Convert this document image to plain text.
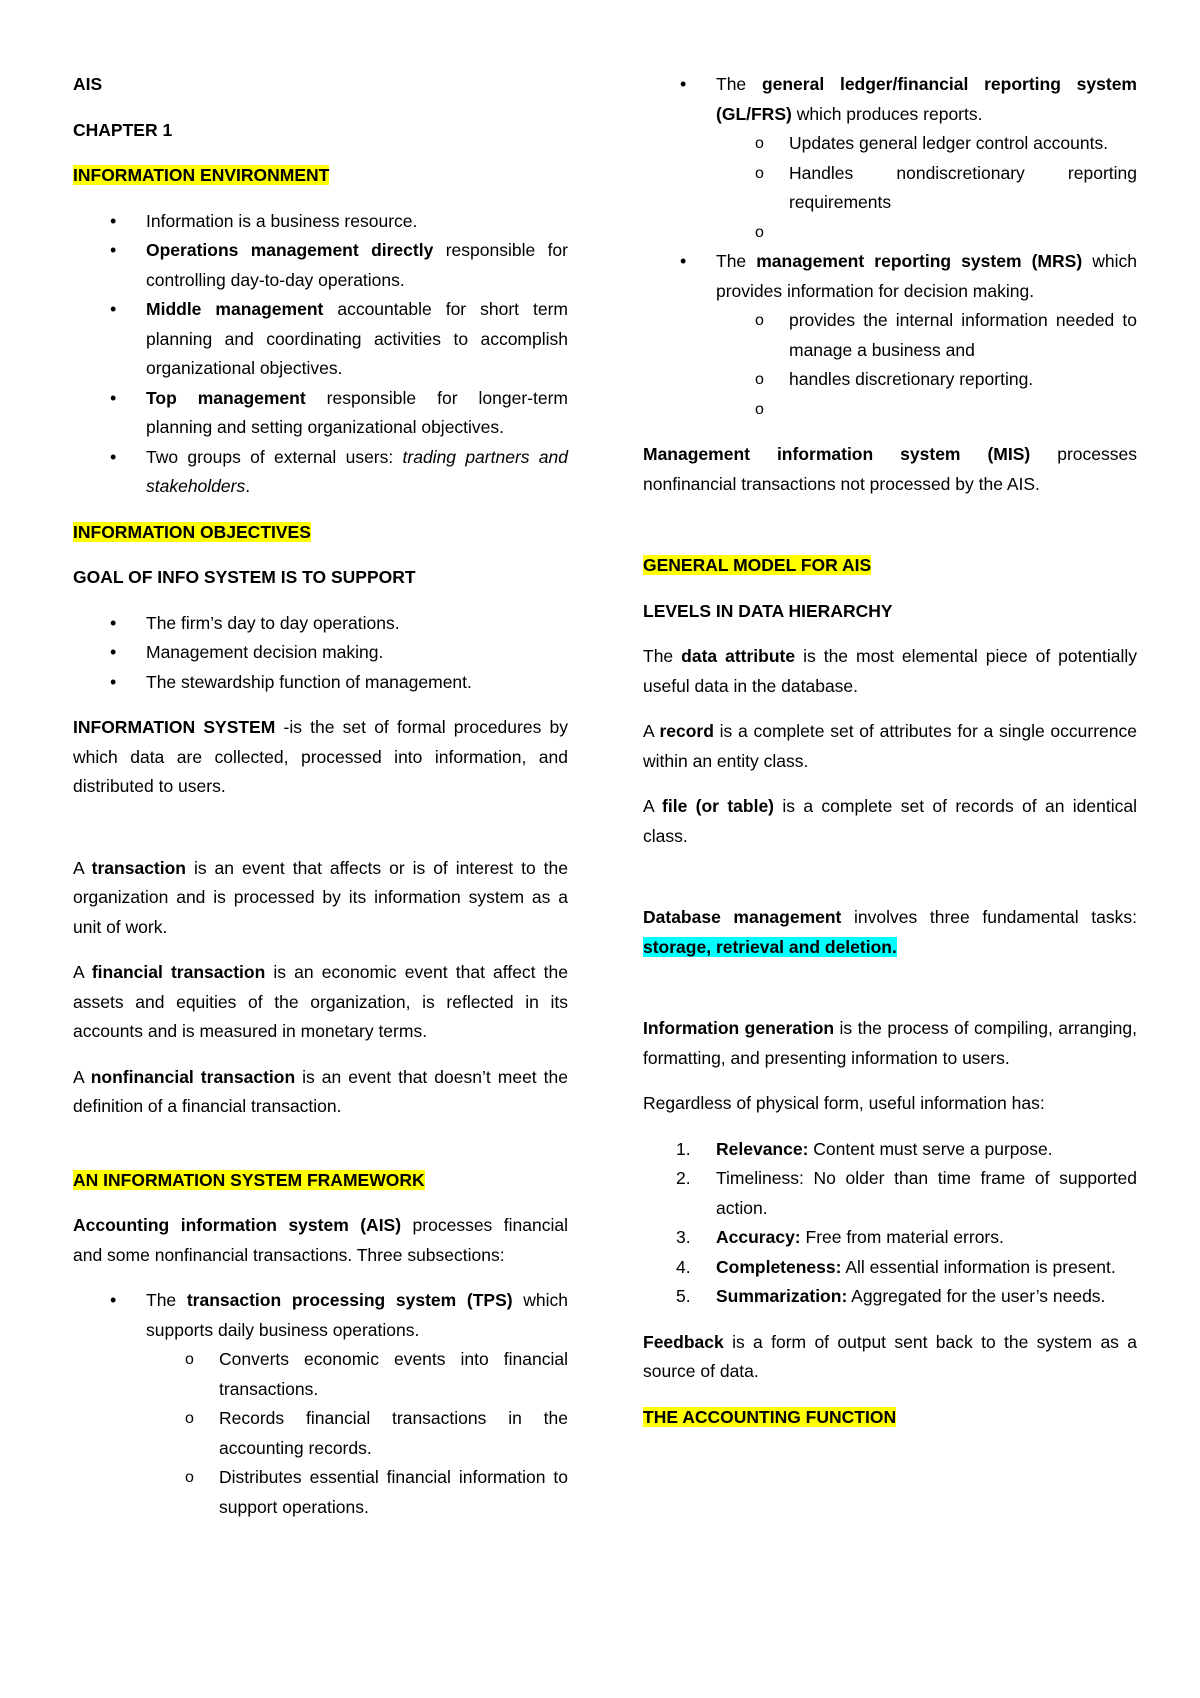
AIS

CHAPTER 1

INFORMATION ENVIRONMENT

• Information is a business resource.
• Operations management directly responsible for controlling day-to-day operations.
• Middle management accountable for short term planning and coordinating activities to accomplish organizational objectives.
• Top management responsible for longer-term planning and setting organizational objectives.
• Two groups of external users: trading partners and stakeholders.

INFORMATION OBJECTIVES

GOAL OF INFO SYSTEM IS TO SUPPORT

• The firm’s day to day operations.
• Management decision making.
• The stewardship function of management.

INFORMATION SYSTEM -is the set of formal procedures by which data are collected, processed into information, and distributed to users.

A transaction is an event that affects or is of interest to the organization and is processed by its information system as a unit of work.

A financial transaction is an economic event that affect the assets and equities of the organization, is reflected in its accounts and is measured in monetary terms.

A nonfinancial transaction is an event that doesn’t meet the definition of a financial transaction.

AN INFORMATION SYSTEM FRAMEWORK

Accounting information system (AIS) processes financial and some nonfinancial transactions. Three subsections:

• The transaction processing system (TPS) which supports daily business operations.
o Converts economic events into financial transactions.
o Records financial transactions in the accounting records.
o Distributes essential financial information to support operations.
• The general ledger/financial reporting system (GL/FRS) which produces reports.
o Updates general ledger control accounts.
o Handles nondiscretionary reporting requirements
o
• The management reporting system (MRS) which provides information for decision making.
o provides the internal information needed to manage a business and
o handles discretionary reporting.
o

Management information system (MIS) processes nonfinancial transactions not processed by the AIS.

GENERAL MODEL FOR AIS

LEVELS IN DATA HIERARCHY

The data attribute is the most elemental piece of potentially useful data in the database.

A record is a complete set of attributes for a single occurrence within an entity class.

A file (or table) is a complete set of records of an identical class.

Database management involves three fundamental tasks: storage, retrieval and deletion.

Information generation is the process of compiling, arranging, formatting, and presenting information to users.

Regardless of physical form, useful information has:

1. Relevance: Content must serve a purpose.
2. Timeliness: No older than time frame of supported action.
3. Accuracy: Free from material errors.
4. Completeness: All essential information is present.
5. Summarization: Aggregated for the user’s needs.

Feedback is a form of output sent back to the system as a source of data.

THE ACCOUNTING FUNCTION
